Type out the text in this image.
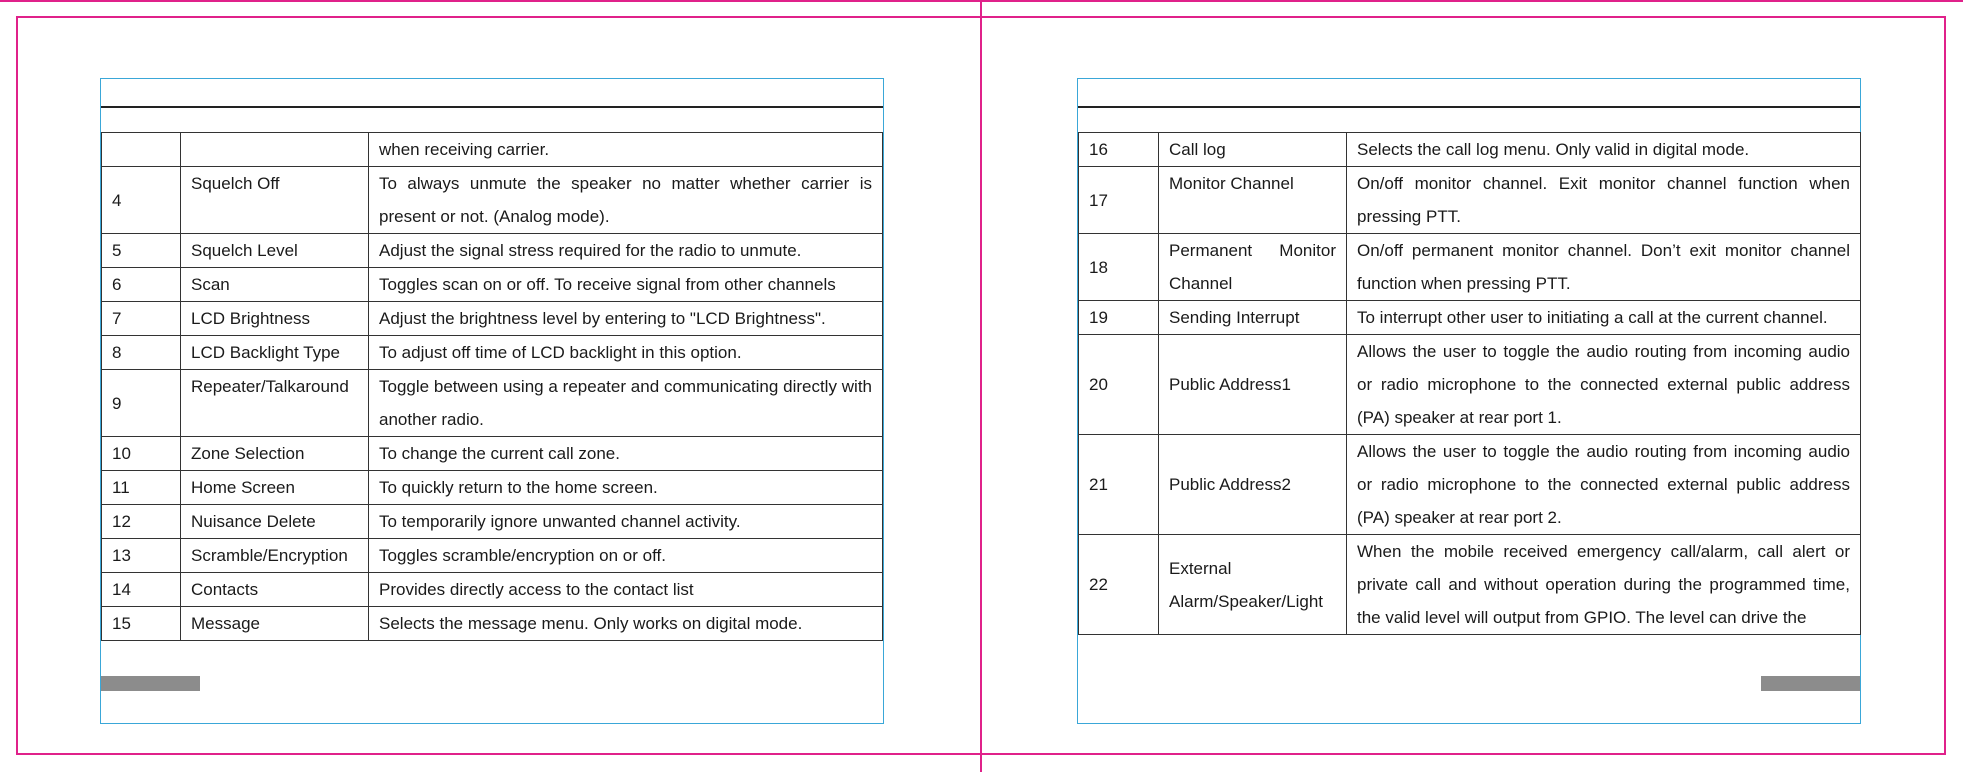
		when receiving carrier.
4	Squelch Off	To always unmute the speaker no matter whether carrier is present or not. (Analog mode).
5	Squelch Level	Adjust the signal stress required for the radio to unmute.
6	Scan	Toggles scan on or off. To receive signal from other channels
7	LCD Brightness	Adjust the brightness level by entering to "LCD Brightness".
8	LCD Backlight Type	To adjust off time of LCD backlight in this option.
9	Repeater/Talkaround	Toggle between using a repeater and communicating directly with another radio.
10	Zone Selection	To change the current call zone.
11	Home Screen	To quickly return to the home screen.
12	Nuisance Delete	To temporarily ignore unwanted channel activity.
13	Scramble/Encryption	Toggles scramble/encryption on or off.
14	Contacts	Provides directly access to the contact list
15	Message	Selects the message menu. Only works on digital mode.
16	Call log	Selects the call log menu. Only valid in digital mode.
17	Monitor Channel	On/off monitor channel. Exit monitor channel function when pressing PTT.
18	Permanent Monitor Channel	On/off permanent monitor channel. Don’t exit monitor channel function when pressing PTT.
19	Sending Interrupt	To interrupt other user to initiating a call at the current channel.
20	Public Address1	Allows the user to toggle the audio routing from incoming audio or radio microphone to the connected external public address (PA) speaker at rear port 1.
21	Public Address2	Allows the user to toggle the audio routing from incoming audio or radio microphone to the connected external public address (PA) speaker at rear port 2.
22	External Alarm/Speaker/Light	When the mobile received emergency call/alarm, call alert or private call and without operation during the programmed time, the valid level will output from GPIO. The level can drive the
